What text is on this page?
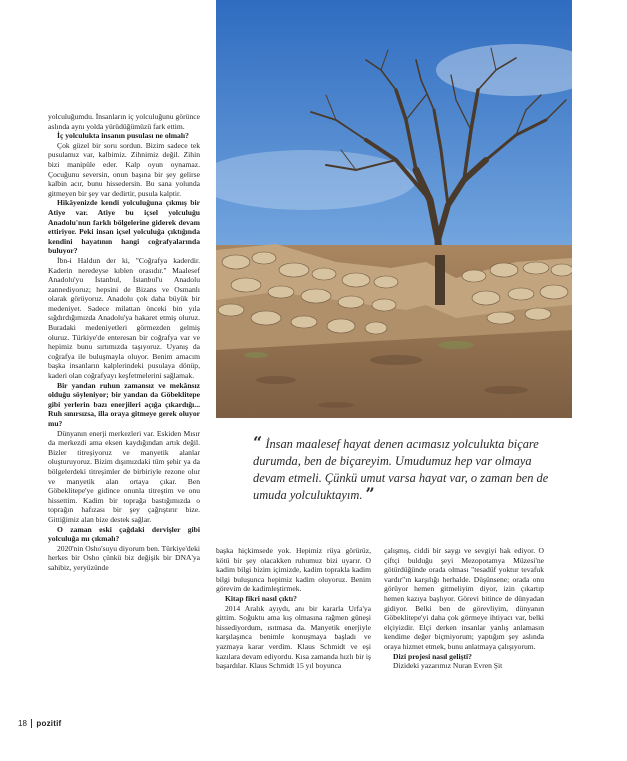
yolculuğumdu. İnsanların iç yolculuğunu görünce aslında aynı yolda yürüdüğümüzü fark ettim.

İç yolculukta insanın pusulası ne olmalı?

Çok güzel bir soru sordun. Bizim sadece tek pusulamız var, kalbimiz. Zihnimiz değil. Zihin bizi manipüle eder. Kalp oyun oynamaz. Çocuğunu seversin, onun başına bir şey gelirse kalbin acır, bunu hissedersin. Bu sana yolunda gitmeyen bir şey var dedirtir, pusula kalptir.

Hikâyenizde kendi yolculuğuna çıkmış bir Atiye var. Atiye bu içsel yolculuğu Anadolu'nun farklı bölgelerine giderek devam ettiriyor. Peki insan içsel yolculuğa çıktığında kendini hayatının hangi coğrafyalarında buluyor?

İbn-i Haldun der ki, "Coğrafya kaderdir. Kaderin neredeyse kıblen orasıdır." Maalesef Anadolu'yu İstanbul, İstanbul'u Anadolu zannediyoruz; hepsini de Bizans ve Osmanlı olarak görüyoruz. Anadolu çok daha büyük bir medeniyet. Sadece milattan önceki bin yıla sığdırdığımızda Anadolu'ya hakaret etmiş oluruz. Buradaki medeniyetleri görmezden gelmiş oluruz. Türkiye'de enteresan bir coğrafya var ve hepimiz bunu sırtımızda taşıyoruz. Uyanış da coğrafya ile buluşmayla oluyor. Benim amacım başka insanların kalplerindeki pusulaya dönüp, kaderi olan coğrafyayı keşfetmelerini sağlamak.

Bir yandan ruhun zamansız ve mekânsız olduğu söyleniyor; bir yandan da Göbeklitepe gibi yerlerin bazı enerjileri açığa çıkardığı... Ruh sınırsızsa, illa oraya gitmeye gerek oluyor mu?

Dünyanın enerji merkezleri var. Eskiden Mısır da merkezdi ama eksen kaydığından artık değil. Bizler titreşiyoruz ve manyetik alanlar oluşturuyoruz. Bizim dışımızdaki tüm şehir ya da bölgelerdeki titreşimler de birbiriyle rezone olur ve manyetik alan ortaya çıkar. Ben Göbeklitepe'ye gidince onunla titreştim ve onu hissettim. Kadim bir toprağa bastığımızda o toprağın hafızası bir şey çağrıştırır bize. Gittiğimiz alan bize destek sağlar.

O zaman eski çağdaki dervişler gibi yolculuğa mı çıkmalı?

2020'nin Osho'suyu diyorum ben. Türkiye'deki herkes bir Osho çünkü biz değişik bir DNA'ya sahibiz, yeryüzünde

“ İnsan maalesef hayat denen acımasız yolculukta biçare durumda, ben de biçareyim. Umudumuz hep var olmaya devam etmeli. Çünkü umut varsa hayat var, o zaman ben de umuda yolculuktayım. ”

başka hiçkimsede yok. Hepimiz rüya görürüz, kötü bir şey olacakken ruhumuz bizi uyarır. O kadim bilgi bizim içimizde, kadim toprakla kadim bilgi buluşunca hepimiz kadim oluyoruz. Benim görevim de kadimleştirmek.

Kitap fikri nasıl çıktı?

2014 Aralık ayıydı, anı bir kararla Urfa'ya gittim. Soğuktu ama kış olmasına rağmen güneşi hissediyordum, ısıtmasa da. Manyetik enerjiyle karşılaşınca benimle konuşmaya başladı ve yazmaya karar verdim. Klaus Schmidt ve eşi kazılara devam ediyordu. Kısa zamanda hızlı bir iş başardılar. Klaus Schmidt 15 yıl boyunca

çalışmış, ciddi bir saygı ve sevgiyi hak ediyor. O çiftçi bulduğu şeyi Mezopotamya Müzesi'ne götürdüğünde orada olması "tesadüf yoktur tevafuk vardır"ın karşılığı herhalde. Düşünsene; orada onu görüyor hemen gitmeliyim diyor, izin çıkartıp hemen kazıya başlıyor. Görevi bitince de dünyadan gidiyor. Belki ben de görevliyim, dünyanın Göbeklitepe'yi daha çok görmeye ihtiyacı var, belki elçiyizdir. Elçi derken insanlar yanlış anlamasın kendime değer biçmiyorum; yaptığım şey aslında oraya hizmet etmek, bunu anlatmaya çalışıyorum.

Dizi projesi nasıl gelişti?

Dizideki yazarımız Nuran Evren Şit

18 pozitif
